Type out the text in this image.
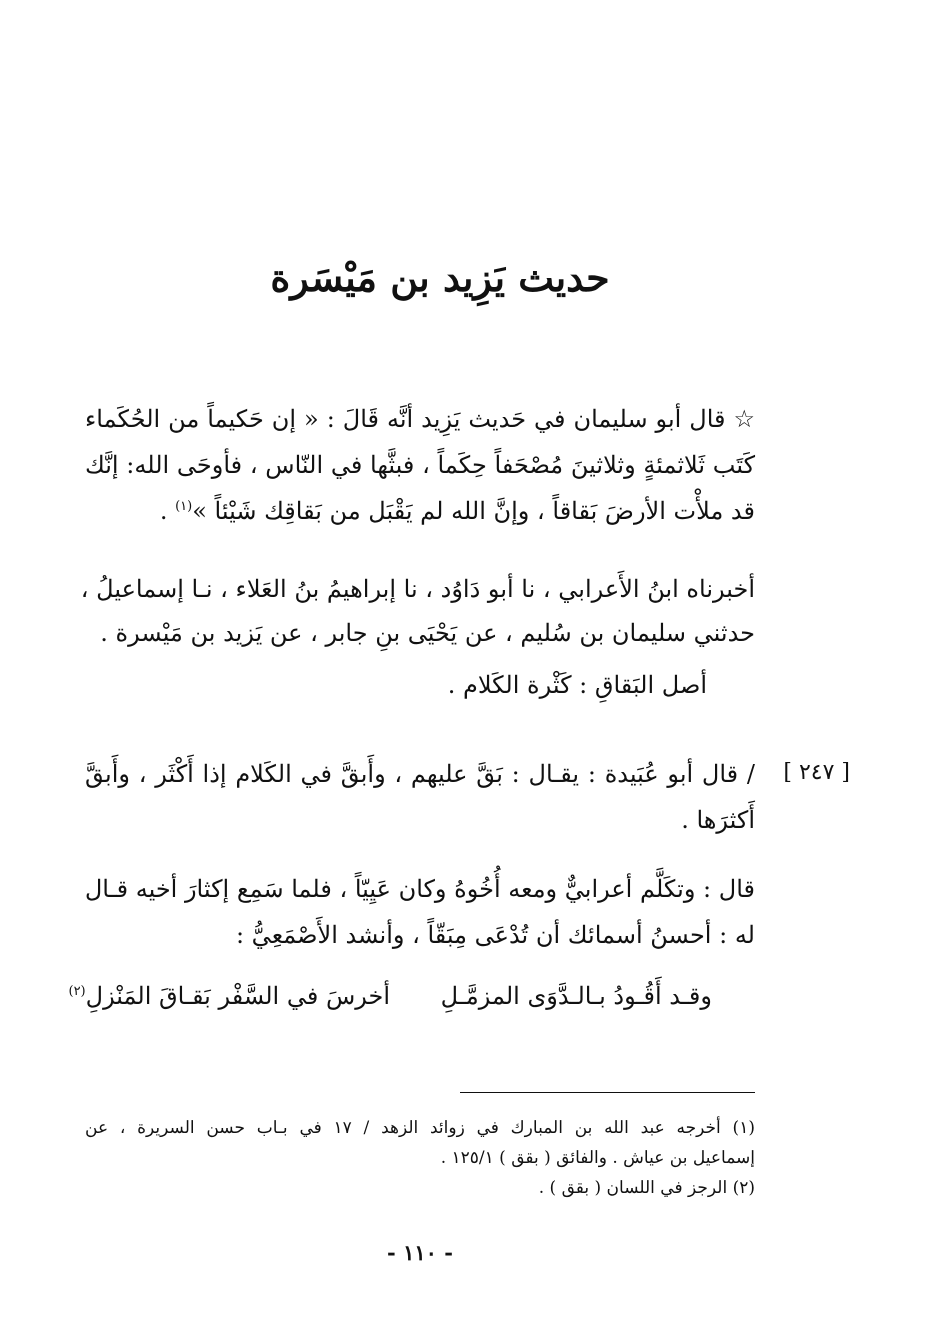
حديث يَزِيد بن مَيْسَرة
☆ قال أبو سليمان في حَديث يَزِيد أنَّه قَالَ : « إن حَكيماً من الحُكَماء
كَتَب ثَلاثمئةٍ وثلاثينَ مُصْحَفاً حِكَماً ، فبثَّها في النّاس ، فأوحَى الله: إنَّك
قد ملأْت الأرضَ بَقاقاً ، وإنَّ الله لم يَقْبَل من بَقاقِك شَيْئاً »$^{(١)}$ .
أخبرناه ابنُ الأَعرابي ، نا أبو دَاوُد ، نا إبراهيمُ بنُ العَلاء ، نـا إسماعيلُ ،
حدثني سليمان بن سُليم ، عن يَحْيَى بنِ جابر ، عن يَزيد بن مَيْسرة .
أصل البَقاقِ : كَثْرة الكَلام .
[ ٢٤٧ ]
/ قال أبو عُبَيدة : يقـال : بَقَّ عليهم ، وأَبقَّ في الكَلام إذا أَكْثَر ، وأَبقَّ
أَكثرَها .
قال : وتكَلَّم أعرابيٌّ ومعه أُخُوهُ وكان عَيِيّاً ، فلما سَمِع إكثارَ أخيه قـال
له : أحسنُ أسمائك أن تُدْعَى مِبَقّاً ، وأنشد الأَصْمَعِيُّ :
وقـد أَقُـودُ بـالـدَّوَى المزمَّـلِ
أخرسَ في السَّفْر بَقـاقَ المَنْزلِ$^{(٢)}$
(١) أخرجه عبد الله بن المبارك في زوائد الزهد / ١٧ في بـاب حسن السريرة ، عن
إسماعيل بن عياش . والفائق ( بقق ) ١٢٥/١ .
(٢) الرجز في اللسان ( بقق ) .
- ١١٠ -
